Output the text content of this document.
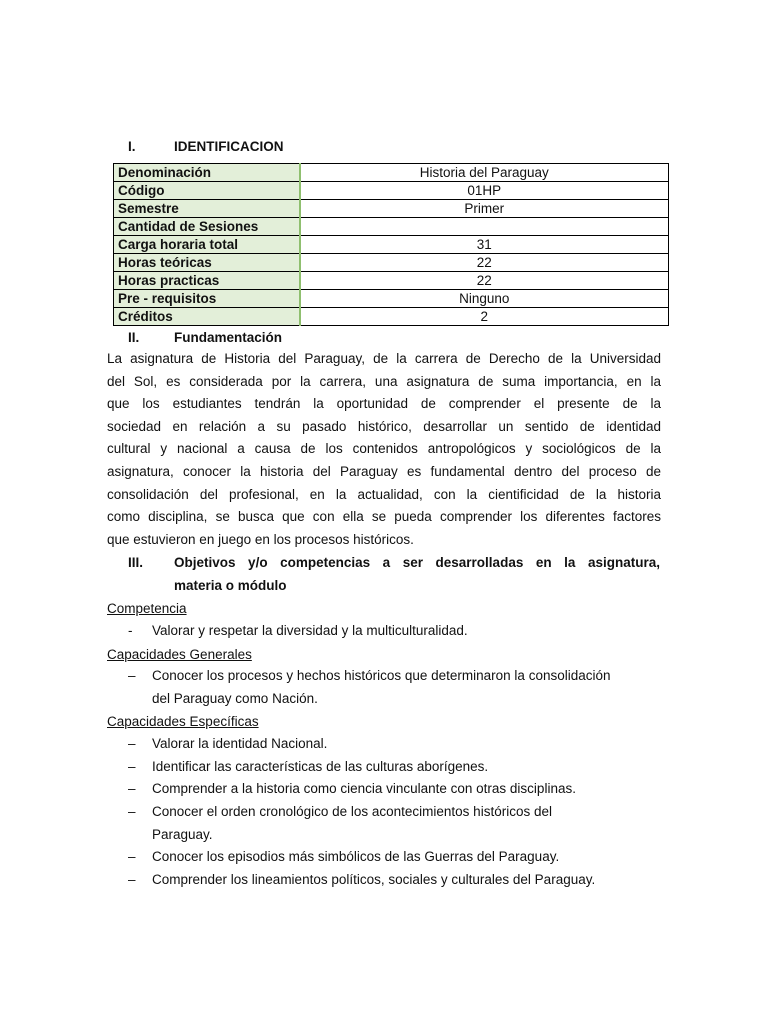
I.	IDENTIFICACION
Denominación	Historia del Paraguay
Código	01HP
Semestre	Primer
Cantidad de Sesiones	
Carga horaria total	31
Horas teóricas	22
Horas practicas	22
Pre - requisitos	Ninguno
Créditos	2
II.	Fundamentación
La asignatura de Historia del Paraguay, de la carrera de Derecho de la Universidad
del Sol, es considerada por la carrera, una asignatura de suma importancia, en la
que los estudiantes tendrán la oportunidad de comprender el presente de la
sociedad en relación a su pasado histórico, desarrollar un sentido de identidad
cultural y nacional a causa de los contenidos antropológicos y sociológicos de la
asignatura, conocer la historia del Paraguay es fundamental dentro del proceso de
consolidación del profesional, en la actualidad, con la cientificidad de la historia
como disciplina, se busca que con ella se pueda comprender los diferentes factores
que estuvieron en juego en los procesos históricos.
III. Objetivos y/o competencias a ser desarrolladas en la asignatura,
materia o módulo
Competencia
- Valorar y respetar la diversidad y la multiculturalidad.
Capacidades Generales
– Conocer los procesos y hechos históricos que determinaron la consolidación
del Paraguay como Nación.
Capacidades Específicas
– Valorar la identidad Nacional.
– Identificar las características de las culturas aborígenes.
– Comprender a la historia como ciencia vinculante con otras disciplinas.
– Conocer el orden cronológico de los acontecimientos históricos del
Paraguay.
– Conocer los episodios más simbólicos de las Guerras del Paraguay.
– Comprender los lineamientos políticos, sociales y culturales del Paraguay.
